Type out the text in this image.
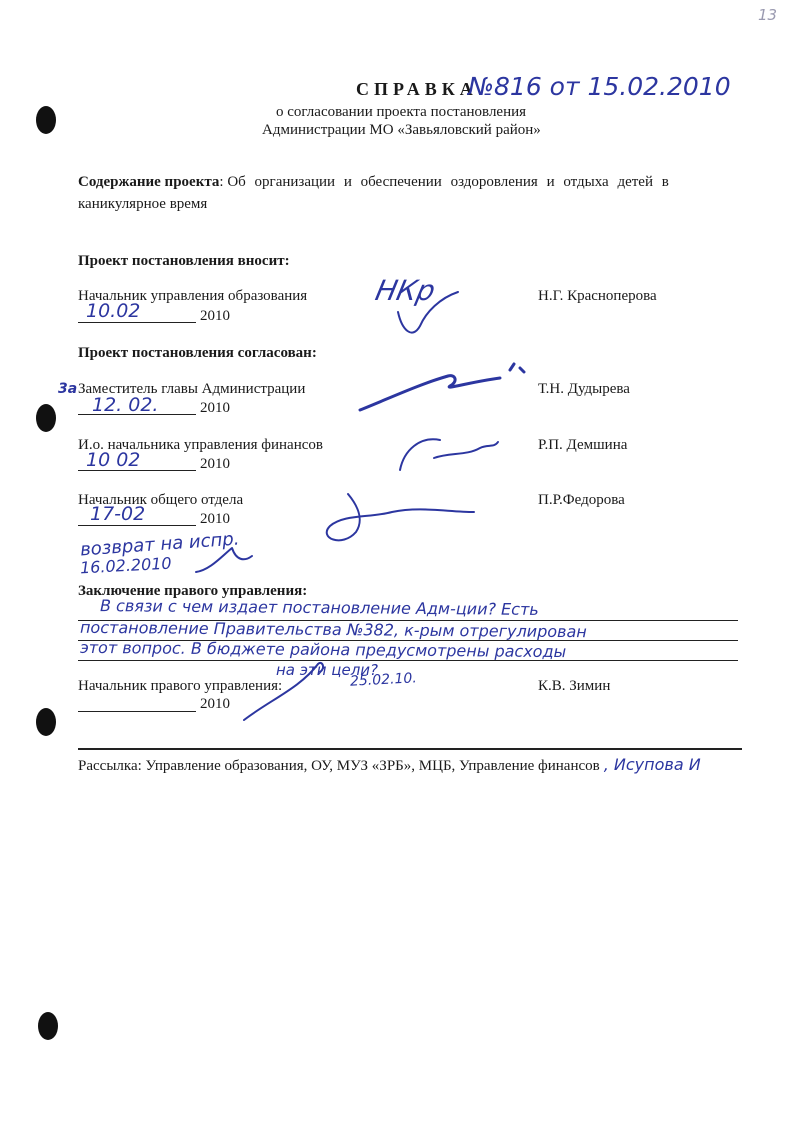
13
СПРАВКА
№816 от 15.02.2010
о согласовании проекта постановления
Администрации МО «Завьяловский район»
Содержание проекта: Об организации и обеспечении оздоровления и отдыха детей в
каникулярное время
Проект постановления вносит:
Начальник управления образования
10.02	2010
Н.Г. Красноперова
НКр
Проект постановления согласован:
3а Заместитель главы Администрации
12. 02.	2010
Т.Н. Дудырева
И.о. начальника управления финансов
10 02	2010
Р.П. Демшина
Начальник общего отдела
17-02	2010
П.Р.Федорова
возврат на испр.
16.02.2010
Заключение правого управления:
В связи с чем издает постановление Адм-ции? Есть
постановление Правительства №382, к-рым отрегулирован
этот вопрос. В бюджете района предусмотрены расходы
на эти цели?
25.02.10.
Начальник правого управления:
2010
К.В. Зимин
Рассылка: Управление образования, ОУ, МУЗ «ЗРБ», МЦБ, Управление финансов , Исупова И
